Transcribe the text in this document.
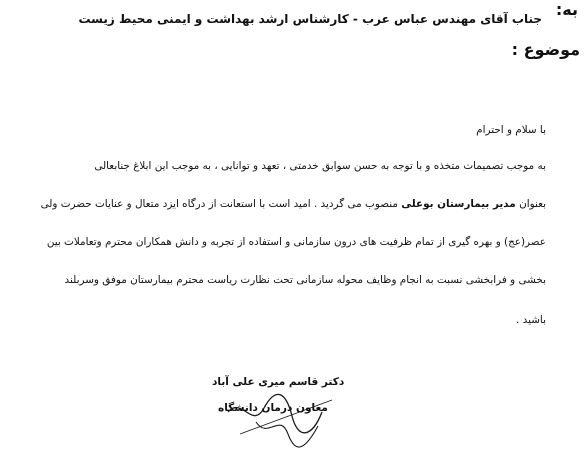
به:
جناب آقای مهندس عباس عرب - کارشناس ارشد بهداشت و ایمنی محیط زیست
موضوع :
با سلام و احترام
به موجب تصمیمات متخذه و با توجه به حسن سوابق خدمتی ، تعهد و توانایی ، به موجب این ابلاغ جنابعالی
بعنوان مدیر بیمارستان بوعلی منصوب می گردید . امید است با استعانت از درگاه ایزد متعال و عنایات حضرت ولی
عصر(عج) و بهره گیری از تمام ظرفیت های درون سازمانی و استفاده از تجربه و دانش همکاران محترم وتعاملات بین
بخشی و فرابخشی نسبت به انجام وظایف محوله سازمانی تحت نظارت ریاست محترم بیمارستان موفق وسربلند
باشید .
دکتر قاسم میری علی آباد
معاون درمان دانشگاه
